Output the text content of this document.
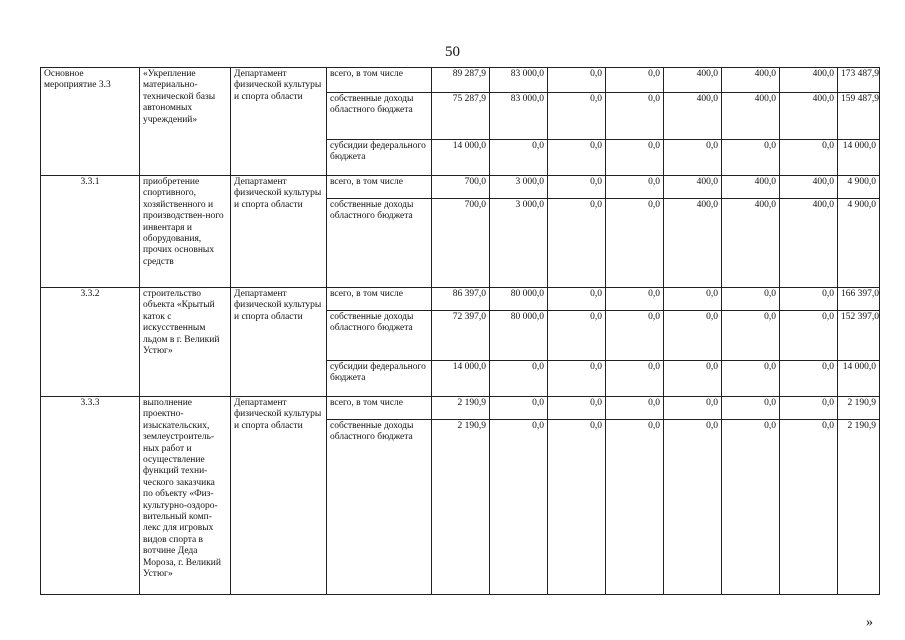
50
Основное мероприятие 3.3	«Укрепление материально-технической базы автономных учреждений»	Департамент физической культуры и спорта области	всего, в том числе	89 287,9	83 000,0	0,0	0,0	400,0	400,0	400,0	173 487,9
			собственные доходы областного бюджета	75 287,9	83 000,0	0,0	0,0	400,0	400,0	400,0	159 487,9
			субсидии федерального бюджета	14 000,0	0,0	0,0	0,0	0,0	0,0	0,0	14 000,0
3.3.1	приобретение спортивного, хозяйственного и производствен-ного инвентаря и оборудования, прочих основных средств	Департамент физической культуры и спорта области	всего, в том числе	700,0	3 000,0	0,0	0,0	400,0	400,0	400,0	4 900,0
			собственные доходы областного бюджета	700,0	3 000,0	0,0	0,0	400,0	400,0	400,0	4 900,0
3.3.2	строительство объекта «Крытый каток с искусственным льдом в г. Великий Устюг»	Департамент физической культуры и спорта области	всего, в том числе	86 397,0	80 000,0	0,0	0,0	0,0	0,0	0,0	166 397,0
			собственные доходы областного бюджета	72 397,0	80 000,0	0,0	0,0	0,0	0,0	0,0	152 397,0
			субсидии федерального бюджета	14 000,0	0,0	0,0	0,0	0,0	0,0	0,0	14 000,0
3.3.3	выполнение проектно-изыскательских, землеустроитель-ных работ и осуществление функций техни-ческого заказчика по объекту «Физ-культурно-оздоро-вительный комп-лекс для игровых видов спорта в вотчине Деда Мороза, г. Великий Устюг»	Департамент физической культуры и спорта области	всего, в том числе	2 190,9	0,0	0,0	0,0	0,0	0,0	0,0	2 190,9
			собственные доходы областного бюджета	2 190,9	0,0	0,0	0,0	0,0	0,0	0,0	2 190,9
»
